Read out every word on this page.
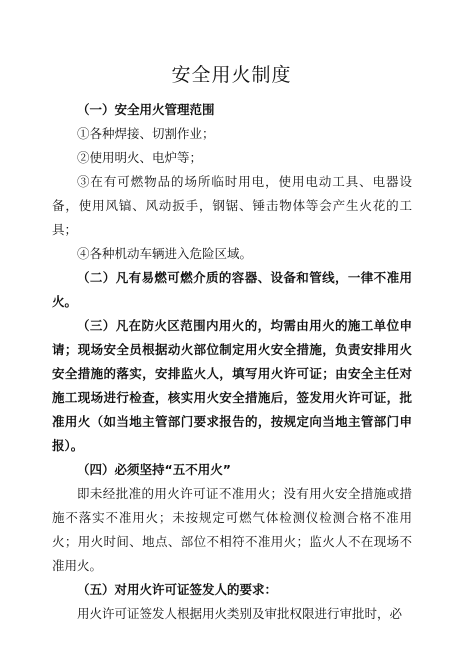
安全用火制度

（一）安全用火管理范围

①各种焊接、切割作业；

②使用明火、电炉等；

③在有可燃物品的场所临时用电，使用电动工具、电器设备，使用风镐、风动扳手，钢锯、锤击物体等会产生火花的工具；

④各种机动车辆进入危险区域。

（二）凡有易燃可燃介质的容器、设备和管线，一律不准用火。

（三）凡在防火区范围内用火的，均需由用火的施工单位申请；现场安全员根据动火部位制定用火安全措施，负责安排用火安全措施的落实，安排监火人，填写用火许可证；由安全主任对施工现场进行检查，核实用火安全措施后，签发用火许可证，批准用火（如当地主管部门要求报告的，按规定向当地主管部门申报）。

（四）必须坚持“五不用火”

即未经批准的用火许可证不准用火；没有用火安全措施或措施不落实不准用火；未按规定可燃气体检测仪检测合格不准用火；用火时间、地点、部位不相符不准用火；监火人不在现场不准用火。

（五）对用火许可证签发人的要求：

用火许可证签发人根据用火类别及审批权限进行审批时，必
